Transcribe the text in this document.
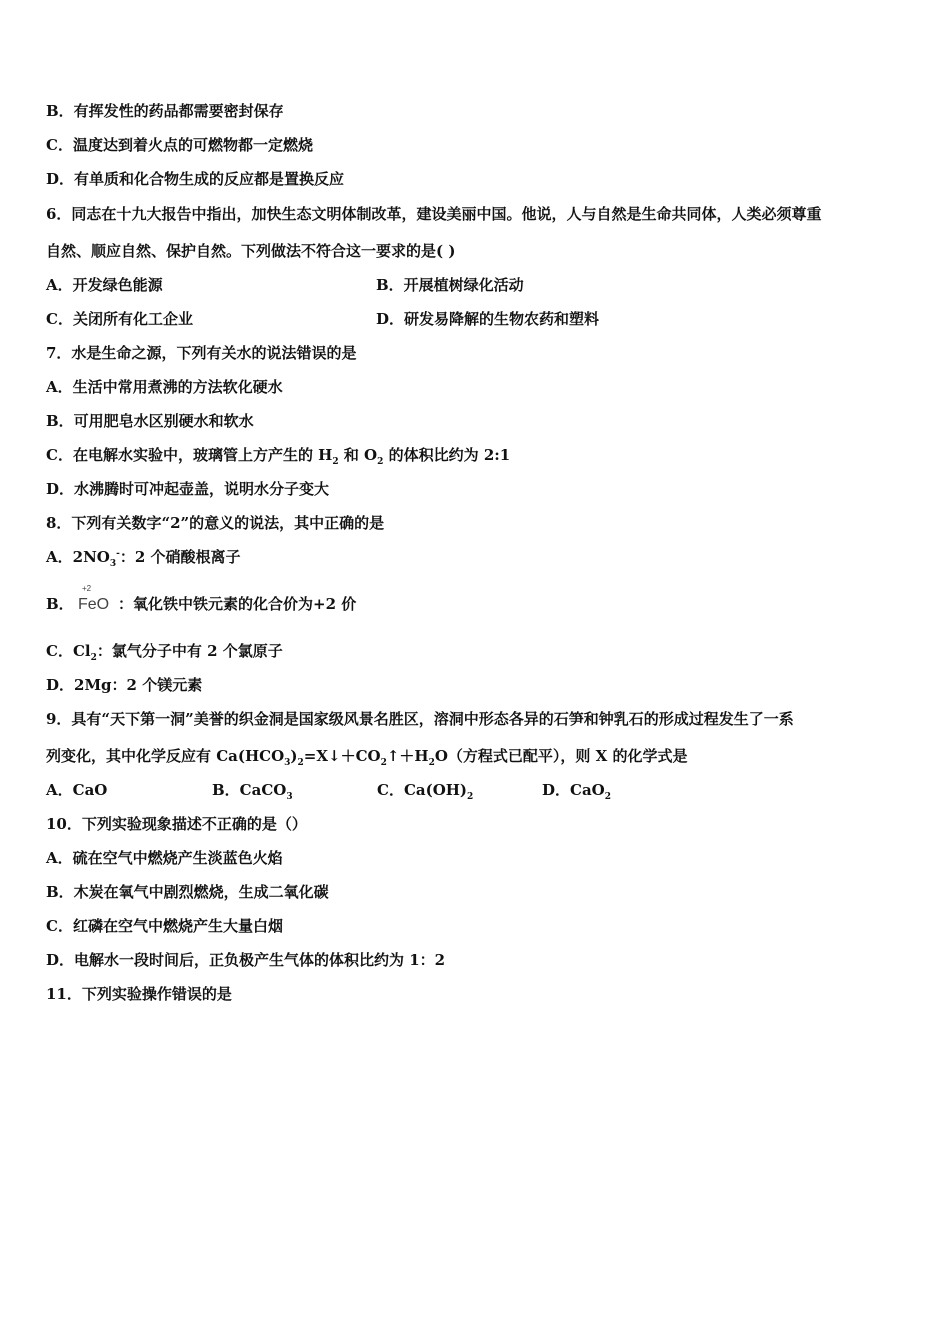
B．有挥发性的药品都需要密封保存
C．温度达到着火点的可燃物都一定燃烧
D．有单质和化合物生成的反应都是置换反应
6．同志在十九大报告中指出，加快生态文明体制改革，建设美丽中国。他说，人与自然是生命共同体，人类必须尊重
自然、顺应自然、保护自然。下列做法不符合这一要求的是( )
A．开发绿色能源	B．开展植树绿化活动
C．关闭所有化工企业	D．研发易降解的生物农药和塑料
7．水是生命之源，下列有关水的说法错误的是
A．生活中常用煮沸的方法软化硬水
B．可用肥皂水区别硬水和软水
C．在电解水实验中，玻璃管上方产生的 $H_2$ 和 $O_2$ 的体积比约为 2:1
D．水沸腾时可冲起壶盖，说明水分子变大
8．下列有关数字“2”的意义的说法，其中正确的是
A．$2NO_3^-$：2 个硝酸根离子
B．
+2
FeO ：氧化铁中铁元素的化合价为+2 价
C．$Cl_2$：氯气分子中有 2 个氯原子
D．2Mg：2 个镁元素
9．具有“天下第一洞”美誉的织金洞是国家级风景名胜区，溶洞中形态各异的石笋和钟乳石的形成过程发生了一系
列变化，其中化学反应有 $Ca(HCO_3)_2=X↓+CO_2↑+H_2O$（方程式已配平），则 X 的化学式是
A．CaO	B．CaCO$_3$	C．$Ca(OH)_2$	D．CaO$_2$
10．下列实验现象描述不正确的是（）
A．硫在空气中燃烧产生淡蓝色火焰
B．木炭在氧气中剧烈燃烧，生成二氧化碳
C．红磷在空气中燃烧产生大量白烟
D．电解水一段时间后，正负极产生气体的体积比约为 1：2
11．下列实验操作错误的是
